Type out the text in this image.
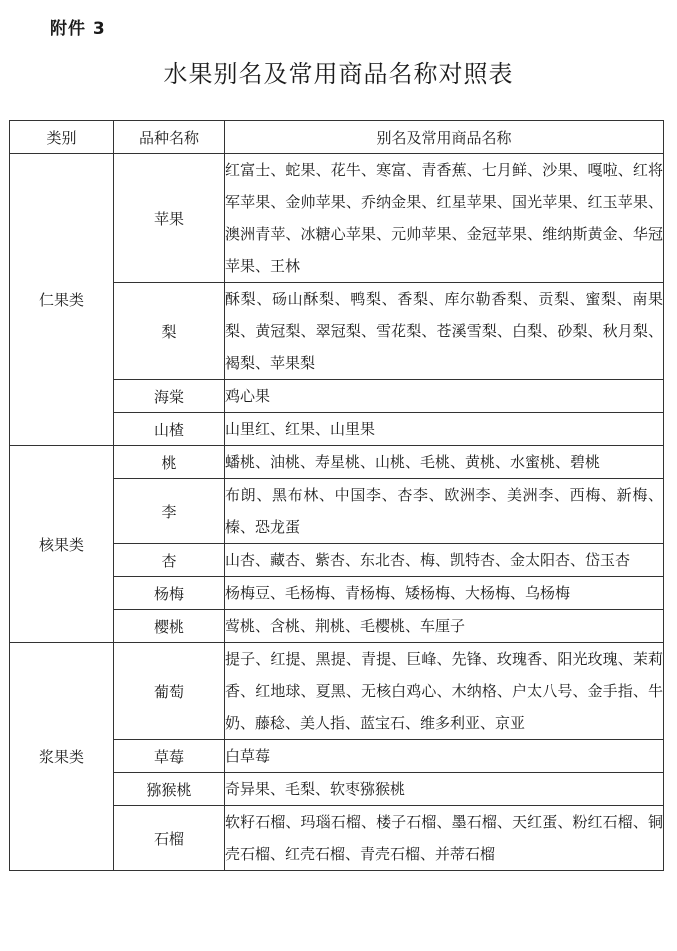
附件 3
水果别名及常用商品名称对照表
类别	品种名称	别名及常用商品名称
仁果类	苹果	红富士、蛇果、花牛、寒富、青香蕉、七月鲜、沙果、嘎啦、红将军苹果、金帅苹果、乔纳金果、红星苹果、国光苹果、红玉苹果、澳洲青苹、冰糖心苹果、元帅苹果、金冠苹果、维纳斯黄金、华冠苹果、王林
	梨	酥梨、砀山酥梨、鸭梨、香梨、库尔勒香梨、贡梨、蜜梨、南果梨、黄冠梨、翠冠梨、雪花梨、苍溪雪梨、白梨、砂梨、秋月梨、褐梨、苹果梨
	海棠	鸡心果
	山楂	山里红、红果、山里果
核果类	桃	蟠桃、油桃、寿星桃、山桃、毛桃、黄桃、水蜜桃、碧桃
	李	布朗、黑布林、中国李、杏李、欧洲李、美洲李、西梅、新梅、榛、恐龙蛋
	杏	山杏、藏杏、紫杏、东北杏、梅、凯特杏、金太阳杏、岱玉杏
	杨梅	杨梅豆、毛杨梅、青杨梅、矮杨梅、大杨梅、乌杨梅
	樱桃	莺桃、含桃、荆桃、毛樱桃、车厘子
浆果类	葡萄	提子、红提、黑提、青提、巨峰、先锋、玫瑰香、阳光玫瑰、茉莉香、红地球、夏黑、无核白鸡心、木纳格、户太八号、金手指、牛奶、藤稔、美人指、蓝宝石、维多利亚、京亚
	草莓	白草莓
	猕猴桃	奇异果、毛梨、软枣猕猴桃
	石榴	软籽石榴、玛瑙石榴、楼子石榴、墨石榴、天红蛋、粉红石榴、铜壳石榴、红壳石榴、青壳石榴、并蒂石榴
